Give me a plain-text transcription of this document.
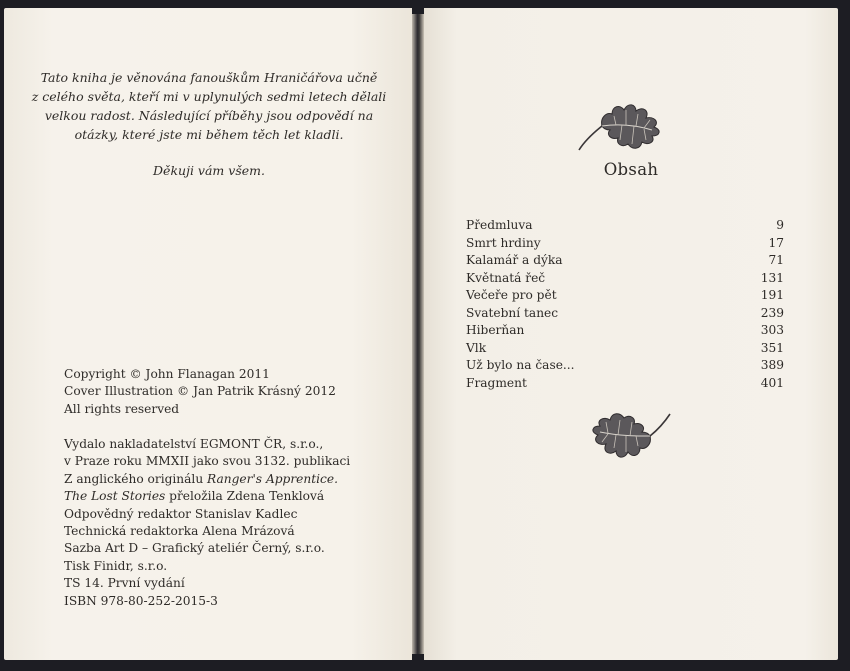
Tato kniha je věnována fanouškům Hraničářova učně

z celého světa, kteří mi v uplynulých sedmi letech dělali

velkou radost. Následující příběhy jsou odpovědí na

otázky, které jste mi během těch let kladli.

Děkuji vám všem.

Copyright © John Flanagan 2011

Cover Illustration © Jan Patrik Krásný 2012

All rights reserved

Vydalo nakladatelství EGMONT ČR, s.r.o.,

v Praze roku MMXII jako svou 3132. publikaci

Z anglického originálu Ranger's Apprentice.

The Lost Stories přeložila Zdena Tenklová

Odpovědný redaktor Stanislav Kadlec

Technická redaktorka Alena Mrázová

Sazba Art D – Grafický ateliér Černý, s.r.o.

Tisk Finidr, s.r.o.

TS 14. První vydání

ISBN 978-80-252-2015-3

Obsah
Předmluva	9
Smrt hrdiny	17
Kalamář a dýka	71
Květnatá řeč	131
Večeře pro pět	191
Svatební tanec	239
Hiberňan	303
Vlk	351
Už bylo na čase...	389
Fragment	401
